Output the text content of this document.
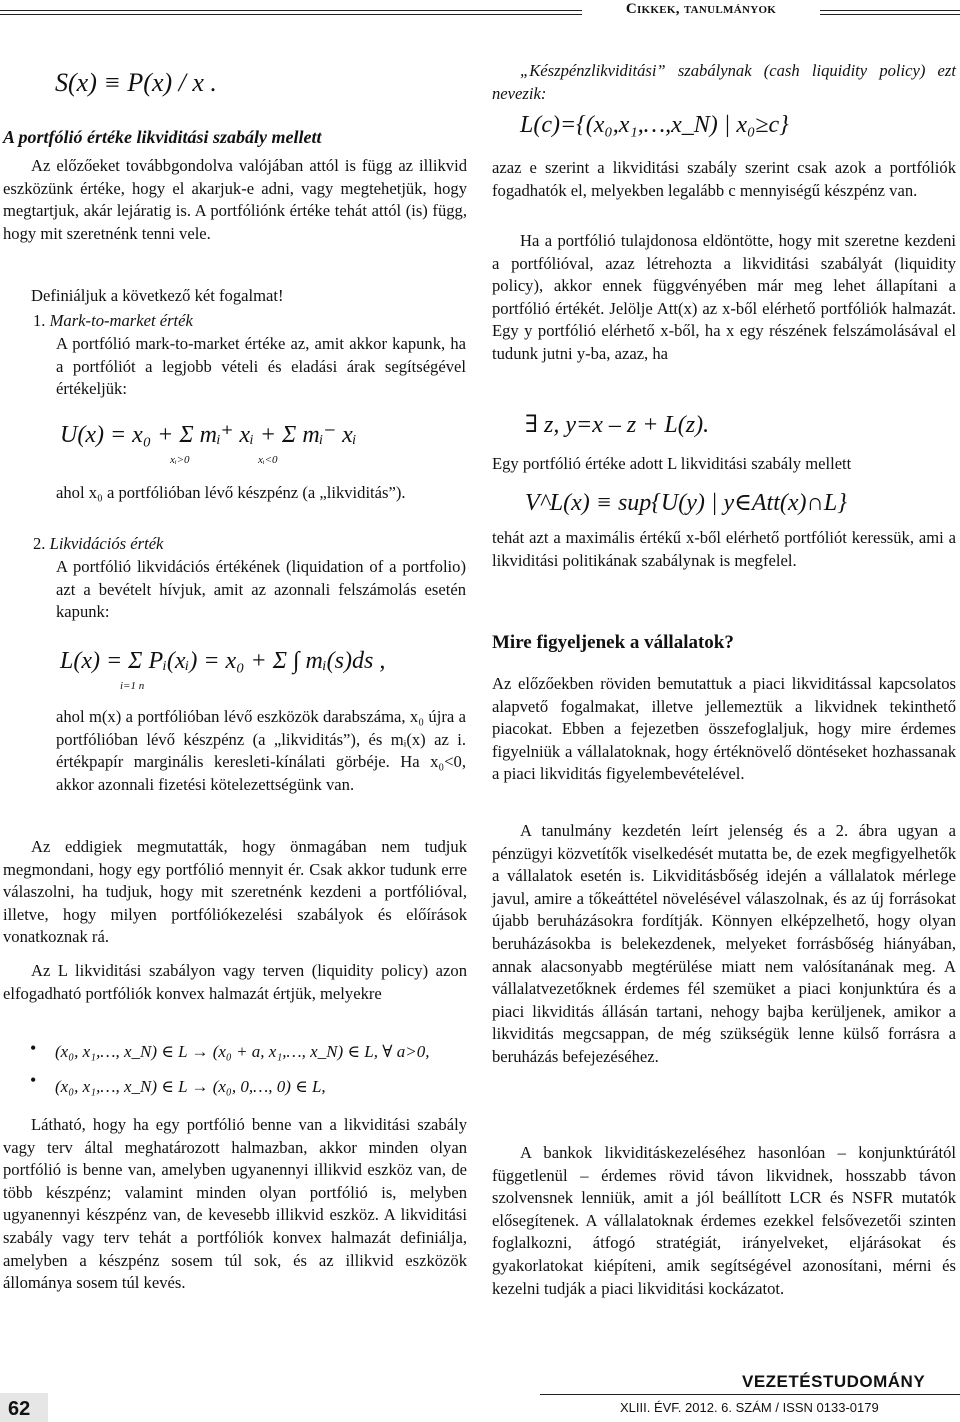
Cikkek, tanulmányok
S(x) ≡ P(x) / x .
A portfólió értéke likviditási szabály mellett

Az előzőeket továbbgondolva valójában attól is függ az illikvid eszközünk értéke, hogy el akarjuk-e adni, vagy megtehetjük, hogy megtartjuk, akár lejáratig is. A portfóliónk értéke tehát attól (is) függ, hogy mit szeretnénk tenni vele.

Definiáljuk a következő két fogalmat!

1. Mark-to-market érték

A portfólió mark-to-market értéke az, amit akkor kapunk, ha a portfóliót a legjobb vételi és eladási árak segítségével értékeljük:

U(x) = x₀ + Σ mᵢ⁺ xᵢ + Σ mᵢ⁻ xᵢ
xᵢ>0	xᵢ<0

ahol x₀ a portfólióban lévő készpénz (a „likviditás”).

2. Likvidációs érték

A portfólió likvidációs értékének (liquidation of a portfolio) azt a bevételt hívjuk, amit az azonnali felszámolás esetén kapunk:

L(x) = Σ Pᵢ(xᵢ) = x₀ + Σ ∫ mᵢ(s)ds ,
i=1 n

ahol m(x) a portfólióban lévő eszközök darabszáma, x₀ újra a portfólióban lévő készpénz (a „likviditás”), és mᵢ(x) az i. értékpapír marginális keresleti-kínálati görbéje. Ha x₀<0, akkor azonnali fizetési kötelezettségünk van.

Az eddigiek megmutatták, hogy önmagában nem tudjuk megmondani, hogy egy portfólió mennyit ér. Csak akkor tudunk erre válaszolni, ha tudjuk, hogy mit szeretnénk kezdeni a portfólióval, illetve, hogy milyen portfóliókezelési szabályok és előírások vonatkoznak rá.

Az L likviditási szabályon vagy terven (liquidity policy) azon elfogadható portfóliók konvex halmazát értjük, melyekre

• (x₀, x₁,…, x_N) ∈ L → (x₀ + a, x₁,…, x_N) ∈ L, ∀ a>0,
• (x₀, x₁,…, x_N) ∈ L → (x₀, 0,…, 0) ∈ L,

Látható, hogy ha egy portfólió benne van a likviditási szabály vagy terv által meghatározott halmazban, akkor minden olyan portfólió is benne van, amelyben ugyanennyi illikvid eszköz van, de több készpénz; valamint minden olyan portfólió is, melyben ugyanennyi készpénz van, de kevesebb illikvid eszköz. A likviditási szabály vagy terv tehát a portfóliók konvex halmazát definiálja, amelyben a készpénz sosem túl sok, és az illikvid eszközök állománya sosem túl kevés.

„Készpénzlikviditási” szabálynak (cash liquidity policy) ezt nevezik:

L(c)={(x₀,x₁,…,x_N) | x₀≥c}

azaz e szerint a likviditási szabály szerint csak azok a portfóliók fogadhatók el, melyekben legalább c mennyiségű készpénz van.

Ha a portfólió tulajdonosa eldöntötte, hogy mit szeretne kezdeni a portfólióval, azaz létrehozta a likviditási szabályát (liquidity policy), akkor ennek függvényében már meg lehet állapítani a portfólió értékét. Jelölje Att(x) az x-ből elérhető portfóliók halmazát. Egy y portfólió elérhető x-ből, ha x egy részének felszámolásával el tudunk jutni y-ba, azaz, ha

∃ z, y=x – z + L(z).

Egy portfólió értéke adott L likviditási szabály mellett

V^L(x) ≡ sup{U(y) | y∈Att(x)∩L}

tehát azt a maximális értékű x-ből elérhető portfóliót keressük, ami a likviditási politikának szabálynak is megfelel.

Mire figyeljenek a vállalatok?

Az előzőekben röviden bemutattuk a piaci likviditással kapcsolatos alapvető fogalmakat, illetve jellemeztük a likvidnek tekinthető piacokat. Ebben a fejezetben összefoglaljuk, hogy mire érdemes figyelniük a vállalatoknak, hogy értéknövelő döntéseket hozhassanak a piaci likviditás figyelembevételével.

A tanulmány kezdetén leírt jelenség és a 2. ábra ugyan a pénzügyi közvetítők viselkedését mutatta be, de ezek megfigyelhetők a vállalatok esetén is. Likviditásbőség idején a vállalatok mérlege javul, amire a tőkeáttétel növelésével válaszolnak, és az új forrásokat újabb beruházásokra fordítják. Könnyen elképzelhető, hogy olyan beruházásokba is belekezdenek, melyeket forrásbőség hiányában, annak alacsonyabb megtérülése miatt nem valósítanának meg. A vállalatvezetőknek érdemes fél szemüket a piaci konjunktúra és a piaci likviditás állásán tartani, nehogy bajba kerüljenek, amikor a likviditás megcsappan, de még szükségük lenne külső forrásra a beruházás befejezéséhez.

A bankok likviditáskezeléséhez hasonlóan – konjunktúrától függetlenül – érdemes rövid távon likvidnek, hosszabb távon szolvensnek lenniük, amit a jól beállított LCR és NSFR mutatók elősegítenek. A vállalatoknak érdemes ezekkel felsővezetői szinten foglalkozni, átfogó stratégiát, irányelveket, eljárásokat és gyakorlatokat kiépíteni, amik segítségével azonosítani, mérni és kezelni tudják a piaci likviditási kockázatot.

62
VEZETÉSTUDOMÁNY
XLIII. ÉVF. 2012. 6. SZÁM / ISSN 0133-0179
